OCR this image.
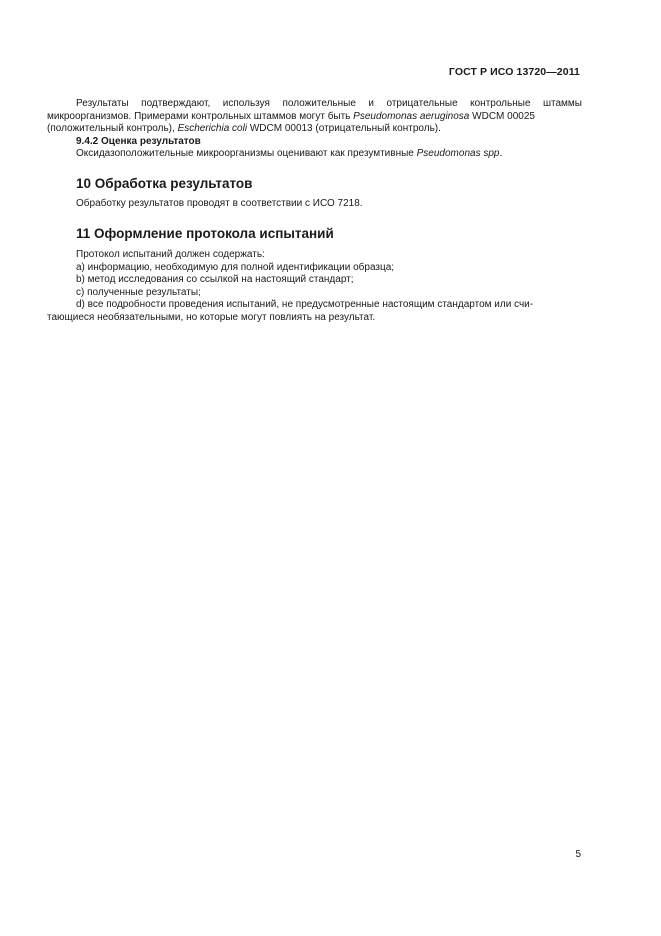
ГОСТ Р ИСО 13720—2011

Результаты подтверждают, используя положительные и отрицательные контрольные штаммы

микроорганизмов. Примерами контрольных штаммов могут быть Pseudomonas aeruginosa WDCM 00025

(положительный контроль), Escherichia coli WDCM 00013 (отрицательный контроль).

9.4.2 Оценка результатов

Оксидазоположительные микроорганизмы оценивают как презумтивные Pseudomonas spp.

10 Обработка результатов

Обработку результатов проводят в соответствии с ИСО 7218.

11 Оформление протокола испытаний

Протокол испытаний должен содержать:

a) информацию, необходимую для полной идентификации образца;

b) метод исследования со ссылкой на настоящий стандарт;

c) полученные результаты;

d) все подробности проведения испытаний, не предусмотренные настоящим стандартом или счи-

тающиеся необязательными, но которые могут повлиять на результат.

5
